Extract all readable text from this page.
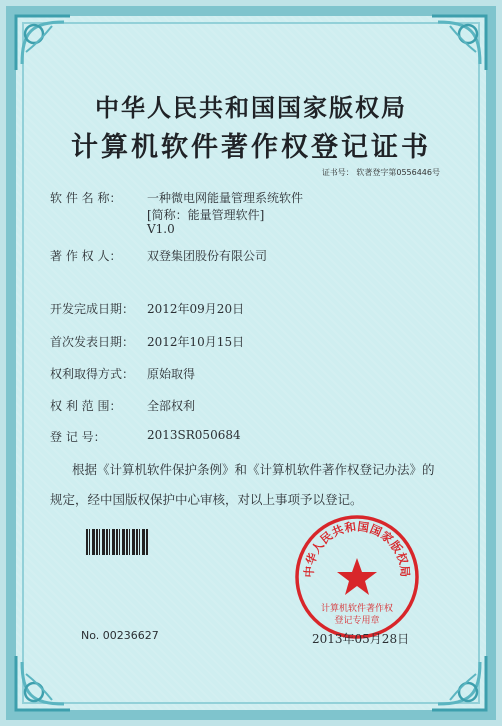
中华人民共和国国家版权局
计算机软件著作权登记证书
证书号： 软著登字第0556446号
软 件 名 称： 一种微电网能量管理系统软件
[简称：能量管理软件]
V1.0
著 作 权 人： 双登集团股份有限公司
开发完成日期： 2012年09月20日
首次发表日期： 2012年10月15日
权利取得方式： 原始取得
权 利 范 围： 全部权利
登 记 号：	2013SR050684

根据《计算机软件保护条例》和《计算机软件著作权登记办法》的

规定，经中国版权保护中心审核，对以上事项予以登记。

中华人民共和国国家版权局
计算机软件著作权
登记专用章
No. 00236627	2013年05月28日
